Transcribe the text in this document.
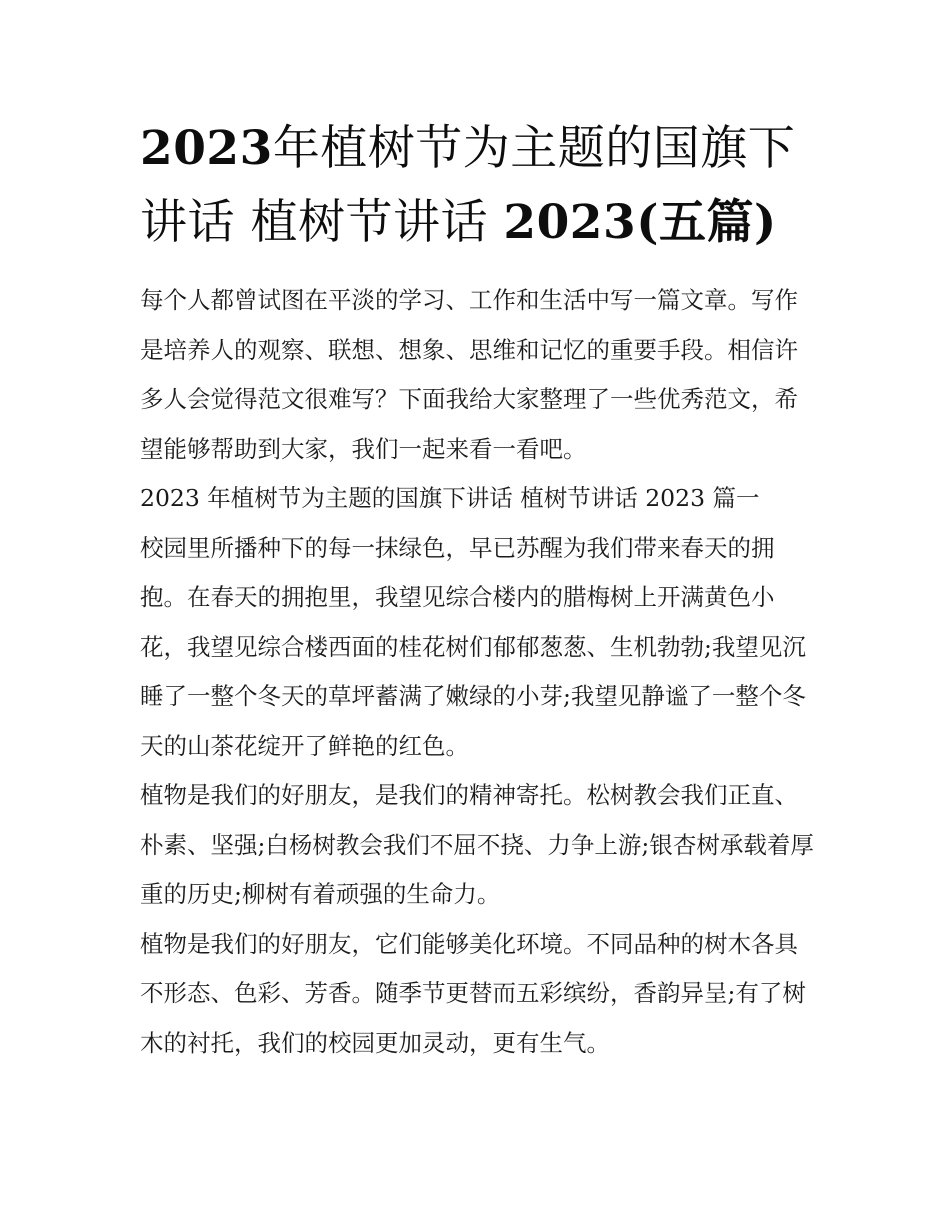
2023年植树节为主题的国旗下
讲话 植树节讲话 2023(五篇)

每个人都曾试图在平淡的学习、工作和生活中写一篇文章。写作是培养人的观察、联想、想象、思维和记忆的重要手段。相信许多人会觉得范文很难写？下面我给大家整理了一些优秀范文，希望能够帮助到大家，我们一起来看一看吧。

2023 年植树节为主题的国旗下讲话 植树节讲话 2023 篇一

校园里所播种下的每一抹绿色，早已苏醒为我们带来春天的拥抱。在春天的拥抱里，我望见综合楼内的腊梅树上开满黄色小花，我望见综合楼西面的桂花树们郁郁葱葱、生机勃勃;我望见沉睡了一整个冬天的草坪蓄满了嫩绿的小芽;我望见静谧了一整个冬天的山茶花绽开了鲜艳的红色。

植物是我们的好朋友，是我们的精神寄托。松树教会我们正直、朴素、坚强;白杨树教会我们不屈不挠、力争上游;银杏树承载着厚重的历史;柳树有着顽强的生命力。

植物是我们的好朋友，它们能够美化环境。不同品种的树木各具不形态、色彩、芳香。随季节更替而五彩缤纷，香韵异呈;有了树木的衬托，我们的校园更加灵动，更有生气。
